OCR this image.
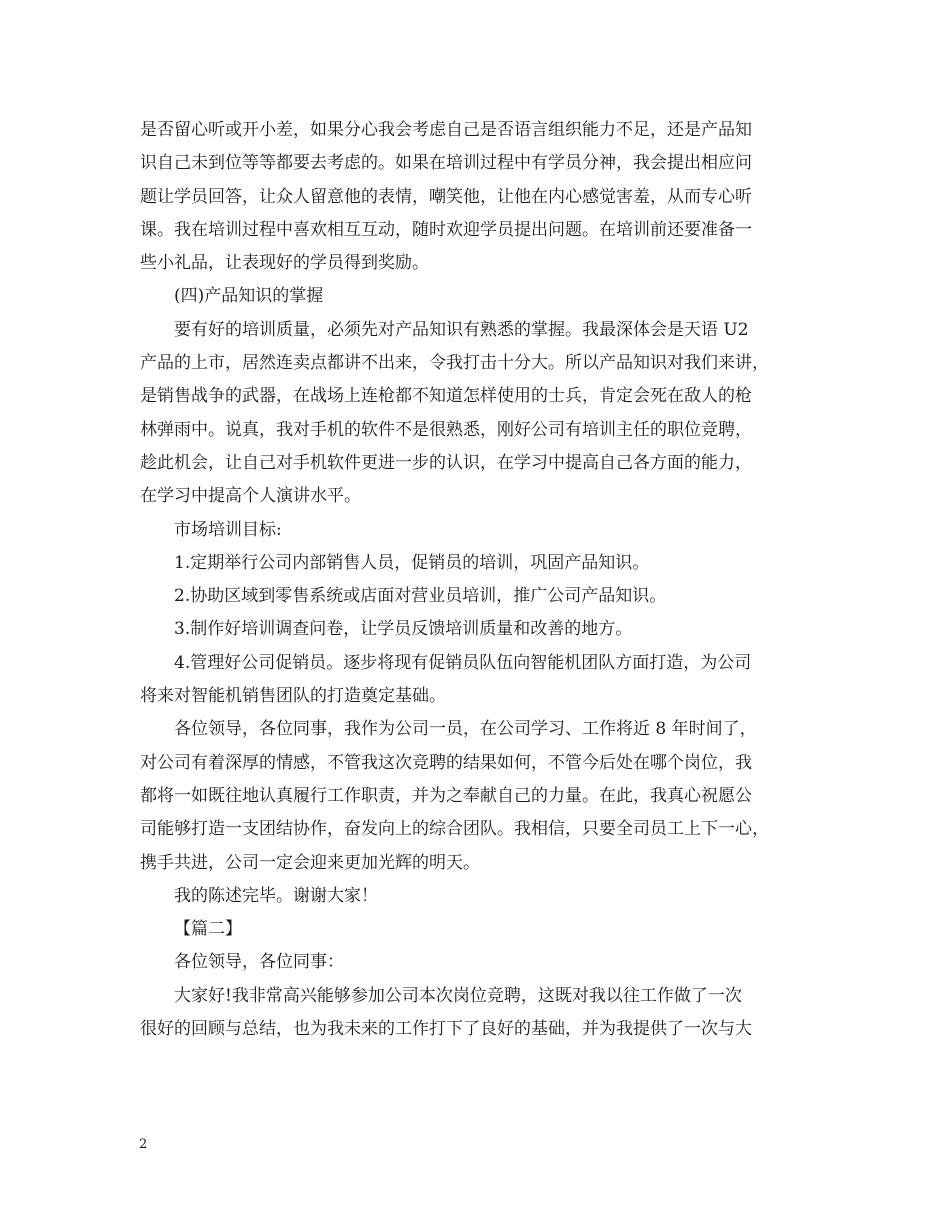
是否留心听或开小差，如果分心我会考虑自己是否语言组织能力不足，还是产品知
识自己未到位等等都要去考虑的。如果在培训过程中有学员分神，我会提出相应问
题让学员回答，让众人留意他的表情，嘲笑他，让他在内心感觉害羞，从而专心听
课。我在培训过程中喜欢相互互动，随时欢迎学员提出问题。在培训前还要准备一
些小礼品，让表现好的学员得到奖励。
(四)产品知识的掌握
要有好的培训质量，必须先对产品知识有熟悉的掌握。我最深体会是天语 U2
产品的上市，居然连卖点都讲不出来，令我打击十分大。所以产品知识对我们来讲，
是销售战争的武器，在战场上连枪都不知道怎样使用的士兵，肯定会死在敌人的枪
林弹雨中。说真，我对手机的软件不是很熟悉，刚好公司有培训主任的职位竞聘，
趁此机会，让自己对手机软件更进一步的认识，在学习中提高自己各方面的能力，
在学习中提高个人演讲水平。
市场培训目标:
1.定期举行公司内部销售人员，促销员的培训，巩固产品知识。
2.协助区域到零售系统或店面对营业员培训，推广公司产品知识。
3.制作好培训调查问卷，让学员反馈培训质量和改善的地方。
4.管理好公司促销员。逐步将现有促销员队伍向智能机团队方面打造，为公司
将来对智能机销售团队的打造奠定基础。
各位领导，各位同事，我作为公司一员，在公司学习、工作将近 8 年时间了，
对公司有着深厚的情感，不管我这次竞聘的结果如何，不管今后处在哪个岗位，我
都将一如既往地认真履行工作职责，并为之奉献自己的力量。在此，我真心祝愿公
司能够打造一支团结协作，奋发向上的综合团队。我相信，只要全司员工上下一心，
携手共进，公司一定会迎来更加光辉的明天。
我的陈述完毕。谢谢大家！
【篇二】
各位领导，各位同事：
大家好!我非常高兴能够参加公司本次岗位竞聘，这既对我以往工作做了一次
很好的回顾与总结，也为我未来的工作打下了良好的基础，并为我提供了一次与大
2
